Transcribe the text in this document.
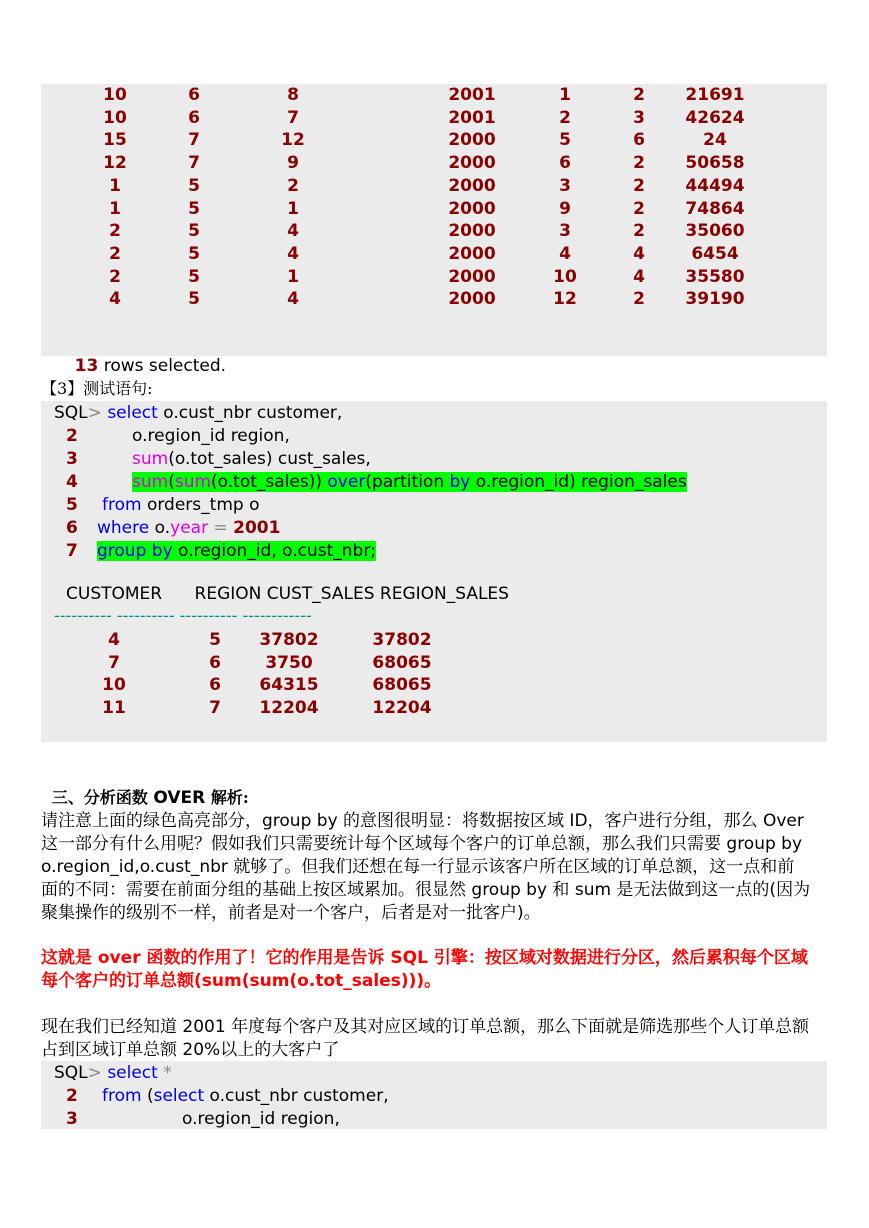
10	6	8	2001	1	2	21691
10	6	7	2001	2	3	42624
15	7	12	2000	5	6	24
12	7	9	2000	6	2	50658
1	5	2	2000	3	2	44494
1	5	1	2000	9	2	74864
2	5	4	2000	3	2	35060
2	5	4	2000	4	4	6454
2	5	1	2000	10	4	35580
4	5	4	2000	12	2	39190

13 rows selected.

【3】测试语句:
SQL> select o.cust_nbr customer,
2	o.region_id region,
3	sum(o.tot_sales) cust_sales,
4	sum(sum(o.tot_sales)) over(partition by o.region_id) region_sales
5 from orders_tmp o
6 where o.year = 2001
7 group by o.region_id, o.cust_nbr;
CUSTOMER      REGION CUST_SALES REGION_SALES
---------- ---------- ---------- ------------
4	5	37802	37802
7	6	3750	68065
10	6	64315	68065
11	7	12204	12204

三、分析函数 OVER 解析:

请注意上面的绿色高亮部分，group by 的意图很明显：将数据按区域 ID，客户进行分组，那么 Over
这一部分有什么用呢？假如我们只需要统计每个区域每个客户的订单总额，那么我们只需要 group by
o.region_id,o.cust_nbr 就够了。但我们还想在每一行显示该客户所在区域的订单总额，这一点和前
面的不同：需要在前面分组的基础上按区域累加。很显然 group by 和 sum 是无法做到这一点的(因为
聚集操作的级别不一样，前者是对一个客户，后者是对一批客户)。
这就是 over 函数的作用了！它的作用是告诉 SQL 引擎：按区域对数据进行分区，然后累积每个区域
每个客户的订单总额(sum(sum(o.tot_sales)))。
现在我们已经知道 2001 年度每个客户及其对应区域的订单总额，那么下面就是筛选那些个人订单总额
占到区域订单总额 20%以上的大客户了
SQL> select *
2 from (select o.cust_nbr customer,
3	o.region_id region,
